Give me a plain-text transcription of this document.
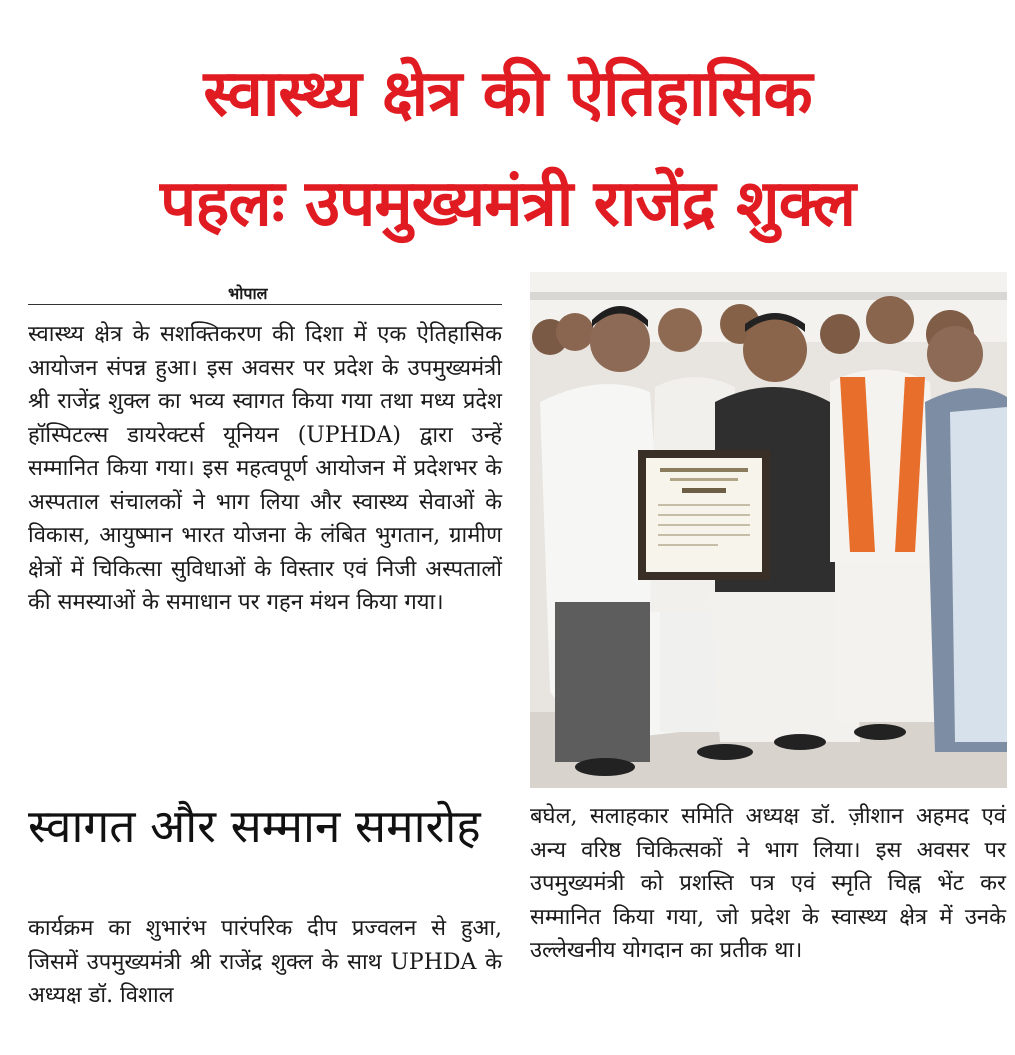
स्वास्थ्य क्षेत्र की ऐतिहासिक
पहलः उपमुख्यमंत्री राजेंद्र शुक्ल
भोपाल
स्वास्थ्य क्षेत्र के सशक्तिकरण की दिशा में एक ऐतिहासिक आयोजन संपन्न हुआ। इस अवसर पर प्रदेश के उपमुख्यमंत्री श्री राजेंद्र शुक्ल का भव्य स्वागत किया गया तथा मध्य प्रदेश हॉस्पिटल्स डायरेक्टर्स यूनियन (UPHDA) द्वारा उन्हें सम्मानित किया गया। इस महत्वपूर्ण आयोजन में प्रदेशभर के अस्पताल संचालकों ने भाग लिया और स्वास्थ्य सेवाओं के विकास, आयुष्मान भारत योजना के लंबित भुगतान, ग्रामीण क्षेत्रों में चिकित्सा सुविधाओं के विस्तार एवं निजी अस्पतालों की समस्याओं के समाधान पर गहन मंथन किया गया।
स्वागत और सम्मान समारोह
कार्यक्रम का शुभारंभ पारंपरिक दीप प्रज्वलन से हुआ, जिसमें उपमुख्यमंत्री श्री राजेंद्र शुक्ल के साथ UPHDA के अध्यक्ष डॉ. विशाल
बघेल, सलाहकार समिति अध्यक्ष डॉ. ज़ीशान अहमद एवं अन्य वरिष्ठ चिकित्सकों ने भाग लिया। इस अवसर पर उपमुख्यमंत्री को प्रशस्ति पत्र एवं स्मृति चिह्न भेंट कर सम्मानित किया गया, जो प्रदेश के स्वास्थ्य क्षेत्र में उनके उल्लेखनीय योगदान का प्रतीक था।
